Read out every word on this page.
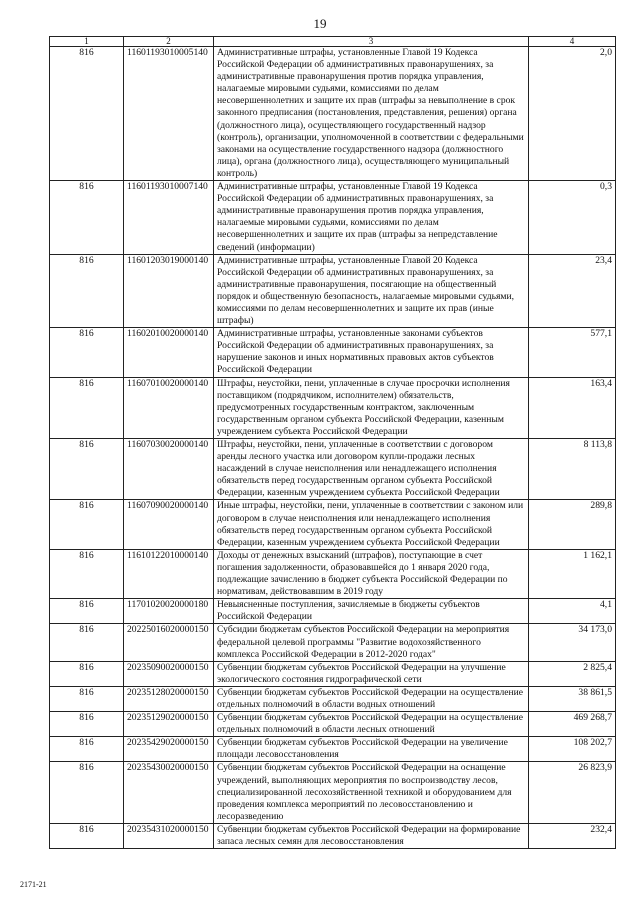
19
1	2	3	4
816	11601193010005140	Административные штрафы, установленные Главой 19 Кодекса Российской Федерации об административных правонарушениях, за административные правонарушения против порядка управления, налагаемые мировыми судьями, комиссиями по делам несовершеннолетних и защите их прав (штрафы за невыполнение в срок законного предписания (постановления, представления, решения) органа (должностного лица), осуществляющего государственный надзор (контроль), организации, уполномоченной в соответствии с федеральными законами на осуществление государственного надзора (должностного лица), органа (должностного лица), осуществляющего муниципальный контроль)	2,0
816	11601193010007140	Административные штрафы, установленные Главой 19 Кодекса Российской Федерации об административных правонарушениях, за административные правонарушения против порядка управления, налагаемые мировыми судьями, комиссиями по делам несовершеннолетних и защите их прав (штрафы за непредставление сведений (информации)	0,3
816	11601203019000140	Административные штрафы, установленные Главой 20 Кодекса Российской Федерации об административных правонарушениях, за административные правонарушения, посягающие на общественный порядок и общественную безопасность, налагаемые мировыми судьями, комиссиями по делам несовершеннолетних и защите их прав (иные штрафы)	23,4
816	11602010020000140	Административные штрафы, установленные законами субъектов Российской Федерации об административных правонарушениях, за нарушение законов и иных нормативных правовых актов субъектов Российской Федерации	577,1
816	11607010020000140	Штрафы, неустойки, пени, уплаченные в случае просрочки исполнения поставщиком (подрядчиком, исполнителем) обязательств, предусмотренных государственным контрактом, заключенным государственным органом субъекта Российской Федерации, казенным учреждением субъекта Российской Федерации	163,4
816	11607030020000140	Штрафы, неустойки, пени, уплаченные в соответствии с договором аренды лесного участка или договором купли-продажи лесных насаждений в случае неисполнения или ненадлежащего исполнения обязательств перед государственным органом субъекта Российской Федерации, казенным учреждением субъекта Российской Федерации	8 113,8
816	11607090020000140	Иные штрафы, неустойки, пени, уплаченные в соответствии с законом или договором в случае неисполнения или ненадлежащего исполнения обязательств перед государственным органом субъекта Российской Федерации, казенным учреждением субъекта Российской Федерации	289,8
816	11610122010000140	Доходы от денежных взысканий (штрафов), поступающие в счет погашения задолженности, образовавшейся до 1 января 2020 года, подлежащие зачислению в бюджет субъекта Российской Федерации по нормативам, действовавшим в 2019 году	1 162,1
816	11701020020000180	Невыясненные поступления, зачисляемые в бюджеты субъектов Российской Федерации	4,1
816	20225016020000150	Субсидии бюджетам субъектов Российской Федерации на мероприятия федеральной целевой программы "Развитие водохозяйственного комплекса Российской Федерации в 2012-2020 годах"	34 173,0
816	20235090020000150	Субвенции бюджетам субъектов Российской Федерации на улучшение экологического состояния гидрографической сети	2 825,4
816	20235128020000150	Субвенции бюджетам субъектов Российской Федерации на осуществление отдельных полномочий в области водных отношений	38 861,5
816	20235129020000150	Субвенции бюджетам субъектов Российской Федерации на осуществление отдельных полномочий в области лесных отношений	469 268,7
816	20235429020000150	Субвенции бюджетам субъектов Российской Федерации на увеличение площади лесовосстановления	108 202,7
816	20235430020000150	Субвенции бюджетам субъектов Российской Федерации на оснащение учреждений, выполняющих мероприятия по воспроизводству лесов, специализированной лесохозяйственной техникой и оборудованием для проведения комплекса мероприятий по лесовосстановлению и лесоразведению	26 823,9
816	20235431020000150	Субвенции бюджетам субъектов Российской Федерации на формирование запаса лесных семян для лесовосстановления	232,4
2171-21
